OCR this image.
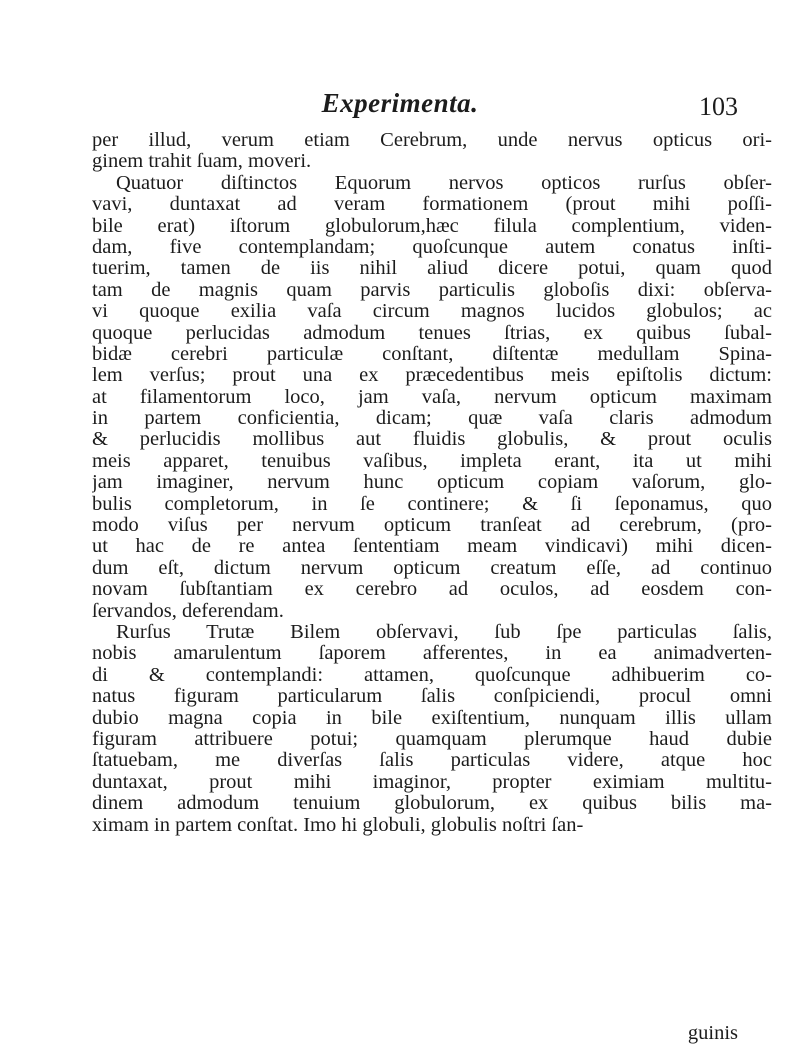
Experimenta.	103
per illud, verum etiam Cerebrum, unde nervus opticus ori-
ginem trahit ſuam, moveri.
Quatuor diſtinctos Equorum nervos opticos rurſus obſer-
vavi, duntaxat ad veram formationem (prout mihi poſſi-
bile erat) iſtorum globulorum,hæc filula complentium, viden-
dam, five contemplandam; quoſcunque autem conatus inſti-
tuerim, tamen de iis nihil aliud dicere potui, quam quod
tam de magnis quam parvis particulis globoſis dixi: obſerva-
vi quoque exilia vaſa circum magnos lucidos globulos; ac
quoque perlucidas admodum tenues ſtrias, ex quibus ſubal-
bidæ cerebri particulæ conſtant, diſtentæ medullam Spina-
lem verſus; prout una ex præcedentibus meis epiſtolis dictum:
at filamentorum loco, jam vaſa, nervum opticum maximam
in partem conficientia, dicam; quæ vaſa claris admodum
& perlucidis mollibus aut fluidis globulis, & prout oculis
meis apparet, tenuibus vaſibus, impleta erant, ita ut mihi
jam imaginer, nervum hunc opticum copiam vaſorum, glo-
bulis completorum, in ſe continere; & ſi ſeponamus, quo
modo viſus per nervum opticum tranſeat ad cerebrum, (pro-
ut hac de re antea ſententiam meam vindicavi) mihi dicen-
dum eſt, dictum nervum opticum creatum eſſe, ad continuo
novam ſubſtantiam ex cerebro ad oculos, ad eosdem con-
ſervandos, deferendam.
Rurſus Trutæ Bilem obſervavi, ſub ſpe particulas ſalis,
nobis amarulentum ſaporem afferentes, in ea animadverten-
di & contemplandi: attamen, quoſcunque adhibuerim co-
natus figuram particularum ſalis conſpiciendi, procul omni
dubio magna copia in bile exiſtentium, nunquam illis ullam
figuram attribuere potui; quamquam plerumque haud dubie
ſtatuebam, me diverſas ſalis particulas videre, atque hoc
duntaxat, prout mihi imaginor, propter eximiam multitu-
dinem admodum tenuium globulorum, ex quibus bilis ma-
ximam in partem conſtat. Imo hi globuli, globulis noſtri ſan-
guinis
